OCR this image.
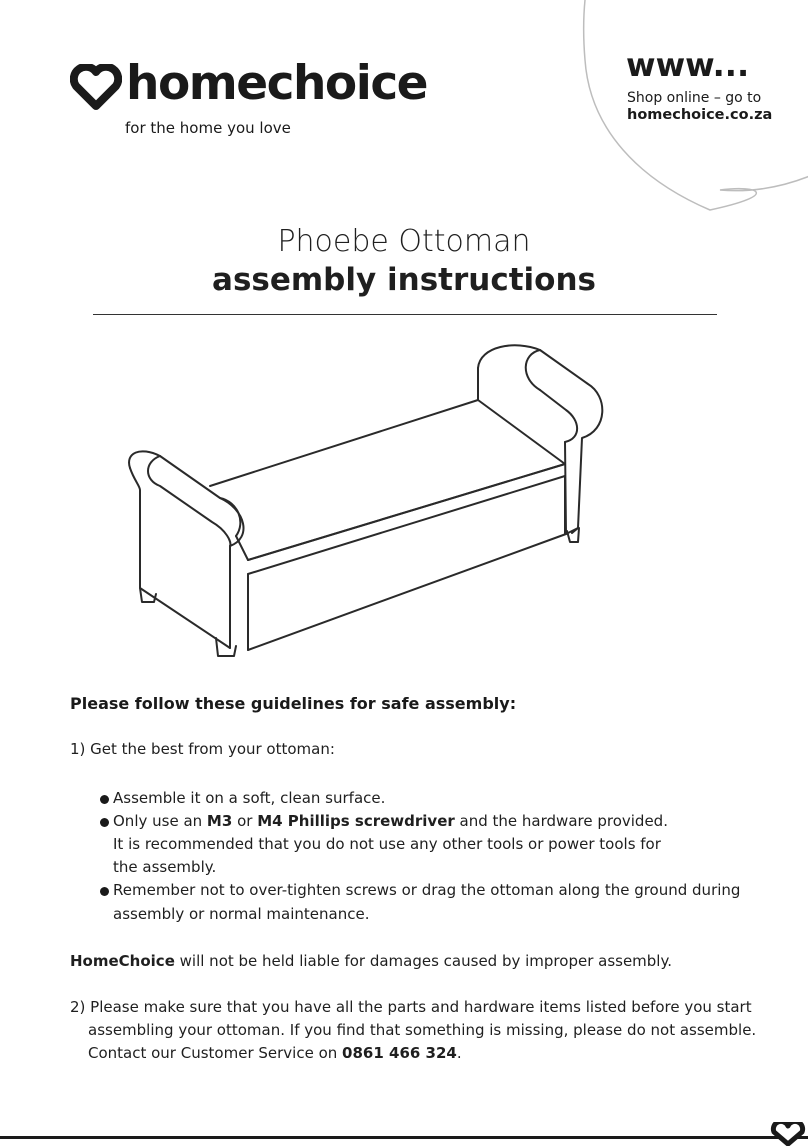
homechoice
for the home you love
www...
Shop online – go to
homechoice.co.za
Phoebe Ottoman
assembly instructions
Please follow these guidelines for safe assembly:
1) Get the best from your ottoman:
Assemble it on a soft, clean surface.
Only use an M3 or M4 Phillips screwdriver and the hardware provided.
It is recommended that you do not use any other tools or power tools for
the assembly.
Remember not to over-tighten screws or drag the ottoman along the ground during
assembly or normal maintenance.
HomeChoice will not be held liable for damages caused by improper assembly.
2) Please make sure that you have all the parts and hardware items listed before you start
assembling your ottoman. If you find that something is missing, please do not assemble.
Contact our Customer Service on 0861 466 324.
